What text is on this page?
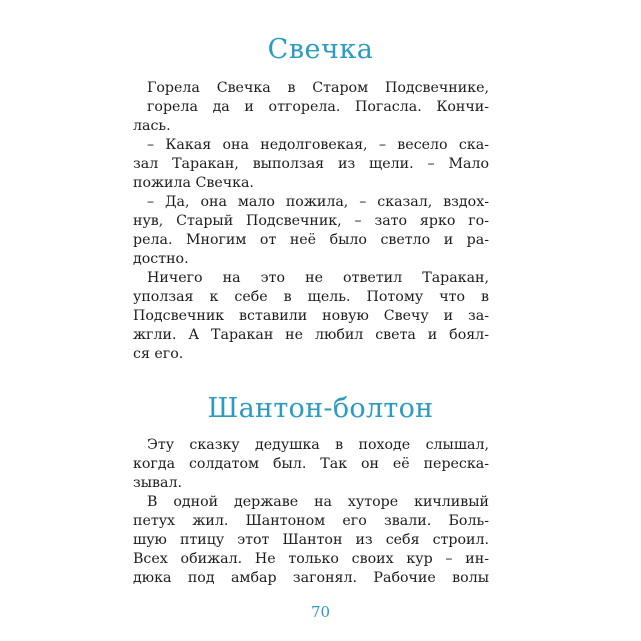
Свечка
Горела Свечка в Старом Подсвечнике,
горела да и отгорела. Погасла. Кончи-
лась.
– Какая она недолговекая, – весело ска-
зал Таракан, выползая из щели. – Мало
пожила Свечка.
– Да, она мало пожила, – сказал, вздох-
нув, Старый Подсвечник, – зато ярко го-
рела. Многим от неё было светло и ра-
достно.
Ничего на это не ответил Таракан,
уползая к себе в щель. Потому что в
Подсвечник вставили новую Свечу и за-
жгли. А Таракан не любил света и боял-
ся его.
Шантон-болтон
Эту сказку дедушка в походе слышал,
когда солдатом был. Так он её переска-
зывал.
В одной державе на хуторе кичливый
петух жил. Шантоном его звали. Боль-
шую птицу этот Шантон из себя строил.
Всех обижал. Не только своих кур – ин-
дюка под амбар загонял. Рабочие волы
70
